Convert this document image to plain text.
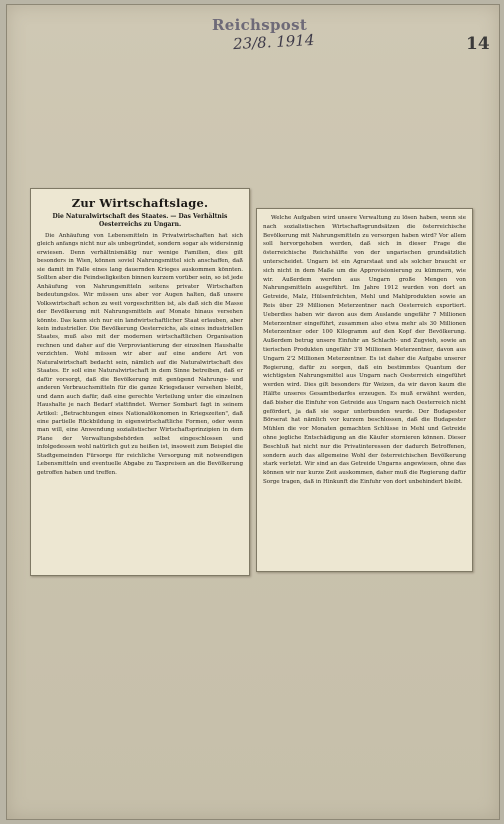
Reichspost
23/8. 1914	14
Zur Wirtschaftslage.
Die Naturalwirtschaft des Staates. — Das Verhältnis Oesterreichs zu Ungarn.

Die Anhäufung von Lebensmitteln in Privatwirtschaften hat sich gleich anfangs nicht nur als unbegründet, sondern sogar als widersinnig erwiesen. Denn verhältnismäßig nur wenige Familien, dies gilt besonders in Wien, können soviel Nahrungsmittel sich anschaffen, daß sie damit im Falle eines lang dauernden Krieges auskommen könnten. Sollten aber die Feindseligkeiten binnen kurzem vorüber sein, so ist jede Anhäufung von Nahrungsmitteln seitens privater Wirtschaften bedeutungslos. Wir müssen uns aber vor Augen halten, daß unsere Volkswirtschaft schon zu weit vorgeschritten ist, als daß sich die Masse der Bevölkerung mit Nahrungsmitteln auf Monate hinaus versehen könnte. Das kann sich nur ein landwirtschaftlicher Staat erlauben, aber kein industrieller. Die Bevölkerung Oesterreichs, als eines industriellen Staates, muß also mit der modernen wirtschaftlichen Organisation rechnen und daher auf die Verproviantierung der einzelnen Haushalte verzichten. Wohl müssen wir aber auf eine andere Art von Naturalwirtschaft bedacht sein, nämlich auf die Naturalwirtschaft des Staates. Er soll eine Naturalwirtschaft in dem Sinne betreiben, daß er dafür vorsorgt, daß die Bevölkerung mit genügend Nahrungs- und anderen Verbrauchsmitteln für die ganze Kriegsdauer versehen bleibt, und dann auch dafür, daß eine gerechte Verteilung unter die einzelnen Haushalte je nach Bedarf stattfindet. Werner Sombart fagt in seinem Artikel: „Betrachtungen eines Nationalökonomen in Kriegszeiten", daß eine partielle Rückbildung in eigenwirtschaftliche Formen, oder wenn man will, eine Anwendung sozialistischer Wirtschaftsprinzipien in dem Plane der Verwaltungsbehörden selbst eingeschlossen und infolgedessen wohl natürlich gut zu heißen ist, insoweit zum Beispiel die Stadtgemeinden Fürsorge für reichliche Versorgung mit notwendigen Lebensmitteln und eventuelle Abgabe zu Taxpreisen an die Bevölkerung getroffen haben und treffen.

Welche Aufgaben wird unsere Verwaltung zu lösen haben, wenn sie nach sozialistischen Wirtschaftsgrundsätzen die österreichische Bevölkerung mit Nahrungsmitteln zu versorgen haben wird? Vor allem soll hervorgehoben werden, daß sich in dieser Frage die österreichische Reichshälfte von der ungarischen grundsätzlich unterscheidet. Ungarn ist ein Agrarstaat und als solcher braucht er sich nicht in dem Maße um die Approvisionierung zu kümmern, wie wir. Außerdem werden aus Ungarn große Mengen von Nahrungsmitteln ausgeführt. Im Jahre 1912 wurden von dort an Getreide, Malz, Hülsenfrüchten, Mehl und Mahlprodukten sowie an Reis über 29 Millionen Meterzentner nach Oesterreich exportiert. Ueberdies haben wir davon aus dem Auslande ungefähr 7 Millionen Meterzentner eingeführt, zusammen also etwa mehr als 30 Millionen Meterzentner oder 100 Kilogramm auf den Kopf der Bevölkerung. Außerdem betrug unsere Einfuhr an Schlacht- und Zugvieh, sowie an tierischen Produkten ungefähr 3'8 Millionen Meterzentner, davon aus Ungarn 2'2 Millionen Meterzentner. Es ist daher die Aufgabe unserer Regierung, dafür zu sorgen, daß ein bestimmtes Quantum der wichtigsten Nahrungsmittel aus Ungarn nach Oesterreich eingeführt werden wird. Dies gilt besonders für Weizen, da wir davon kaum die Hälfte unseres Gesamtbedarfes erzeugen. Es muß erwähnt werden, daß bisher die Einfuhr von Getreide aus Ungarn nach Oesterreich nicht gefördert, ja daß sie sogar unterbunden wurde. Der Budapester Börserat hat nämlich vor kurzem beschlossen, daß die Budapester Mühlen die vor Monaten gemachten Schlüsse in Mehl und Getreide ohne jegliche Entschädigung an die Käufer stornieren können. Dieser Beschluß hat nicht nur die Privatinteressen der dadurch Betroffenen, sondern auch das allgemeine Wohl der österreichischen Bevölkerung stark verletzt. Wir sind an das Getreide Ungarns angewiesen, ohne das können wir nur kurze Zeit auskommen, daher muß die Regierung dafür Sorge tragen, daß in Hinkunft die Einfuhr von dort unbehindert bleibt.
